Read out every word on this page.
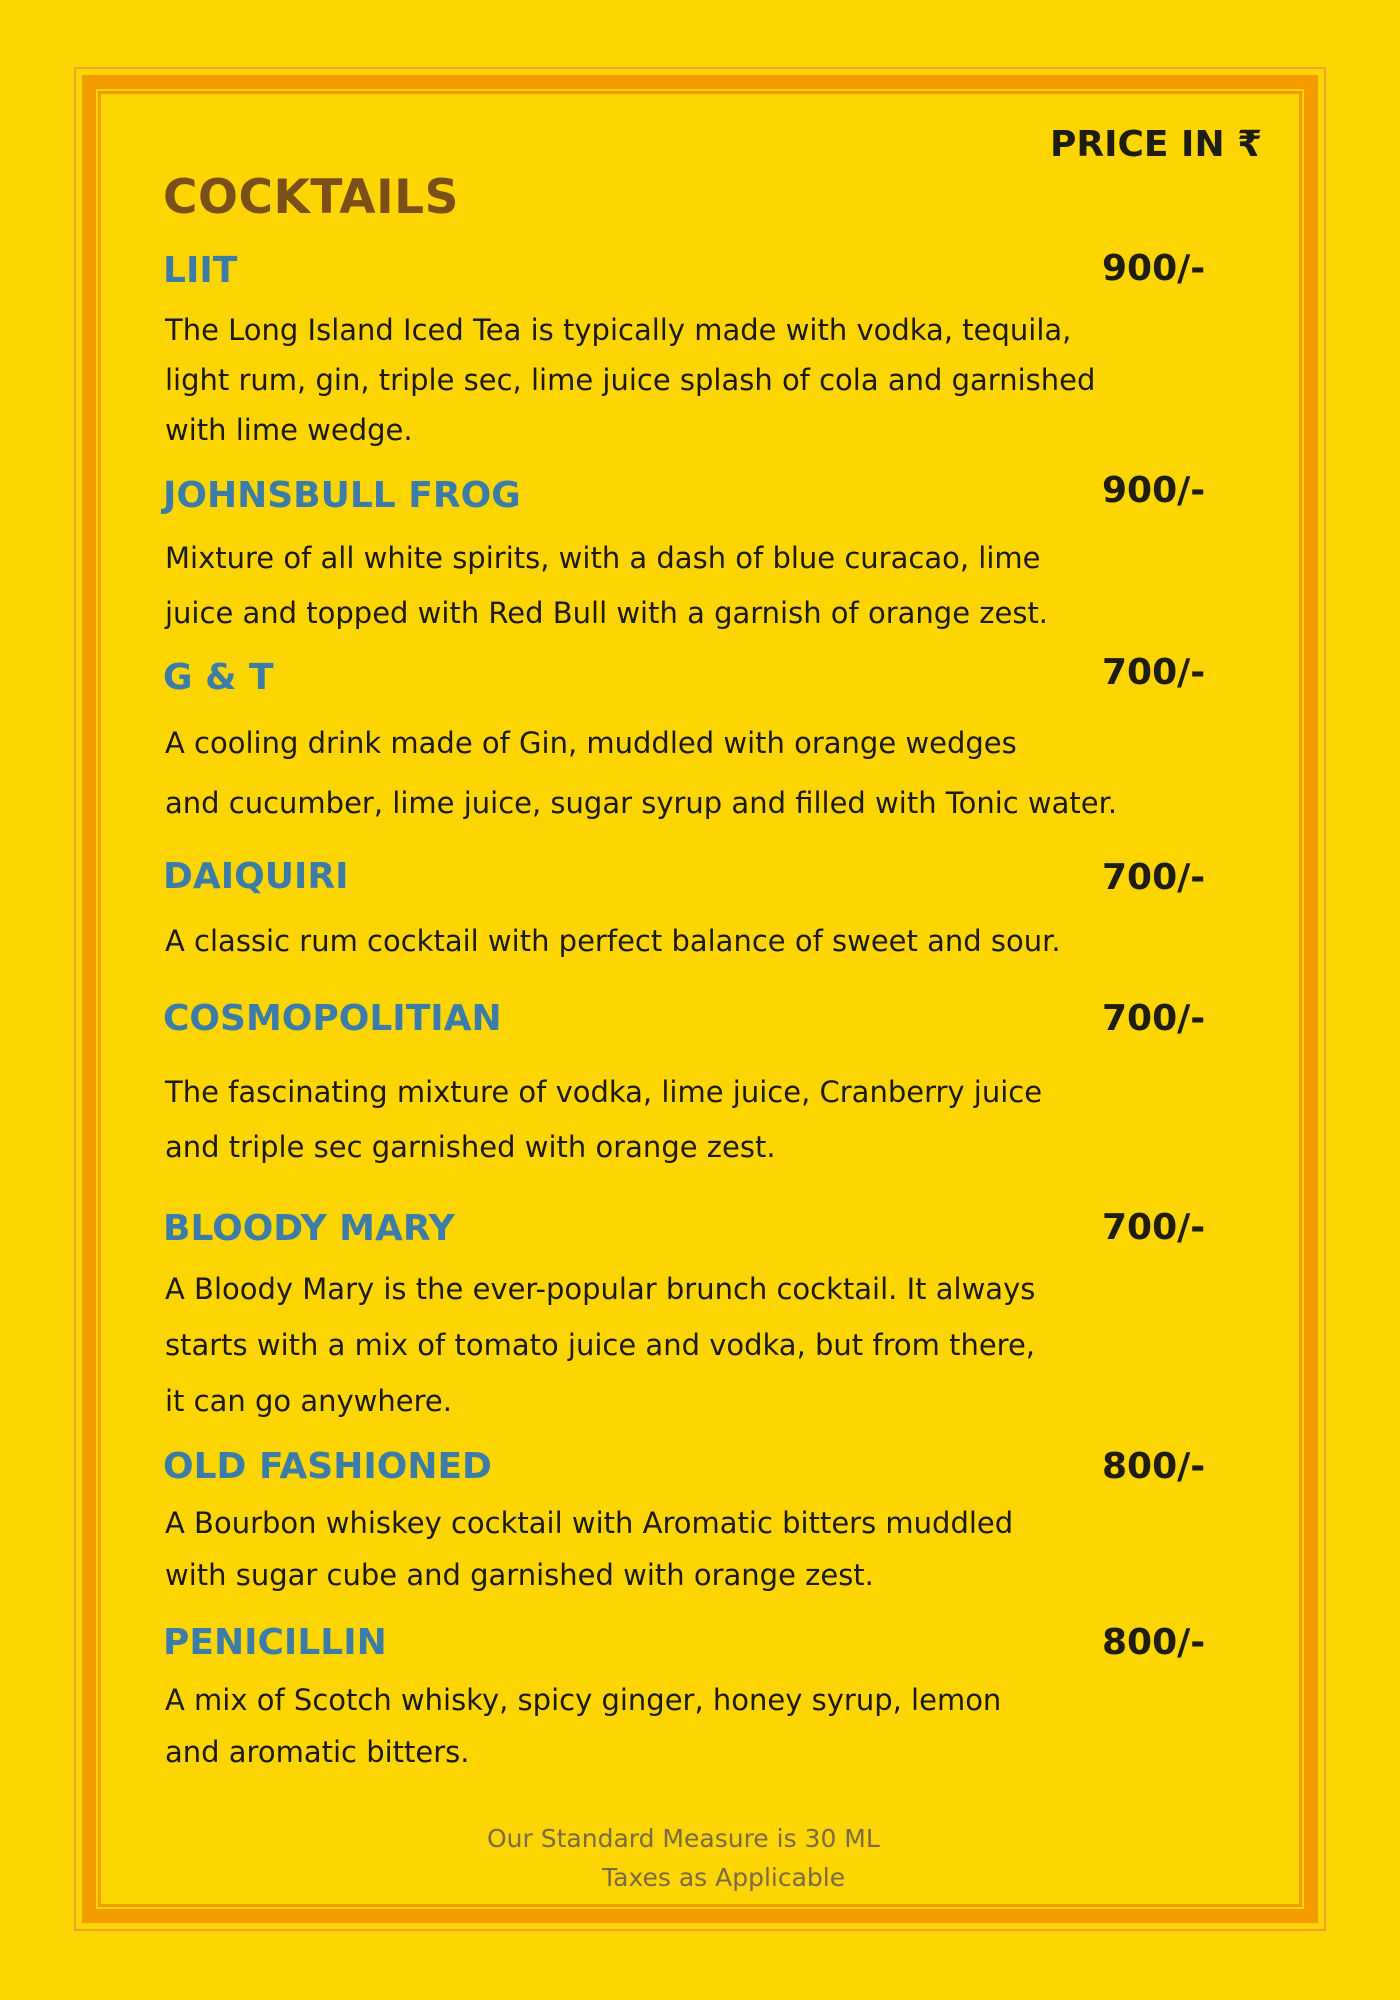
PRICE IN ₹
COCKTAILS
LIIT	900/-
The Long Island Iced Tea is typically made with vodka, tequila,
light rum, gin, triple sec, lime juice splash of cola and garnished
with lime wedge.
JOHNSBULL FROG	900/-
Mixture of all white spirits, with a dash of blue curacao, lime
juice and topped with Red Bull with a garnish of orange zest.
G & T	700/-
A cooling drink made of Gin, muddled with orange wedges
and cucumber, lime juice, sugar syrup and filled with Tonic water.
DAIQUIRI	700/-
A classic rum cocktail with perfect balance of sweet and sour.
COSMOPOLITIAN	700/-
The fascinating mixture of vodka, lime juice, Cranberry juice
and triple sec garnished with orange zest.
BLOODY MARY	700/-
A Bloody Mary is the ever-popular brunch cocktail. It always
starts with a mix of tomato juice and vodka, but from there,
it can go anywhere.
OLD FASHIONED	800/-
A Bourbon whiskey cocktail with Aromatic bitters muddled
with sugar cube and garnished with orange zest.
PENICILLIN	800/-
A mix of Scotch whisky, spicy ginger, honey syrup, lemon
and aromatic bitters.
Our Standard Measure is 30 ML
Taxes as Applicable
